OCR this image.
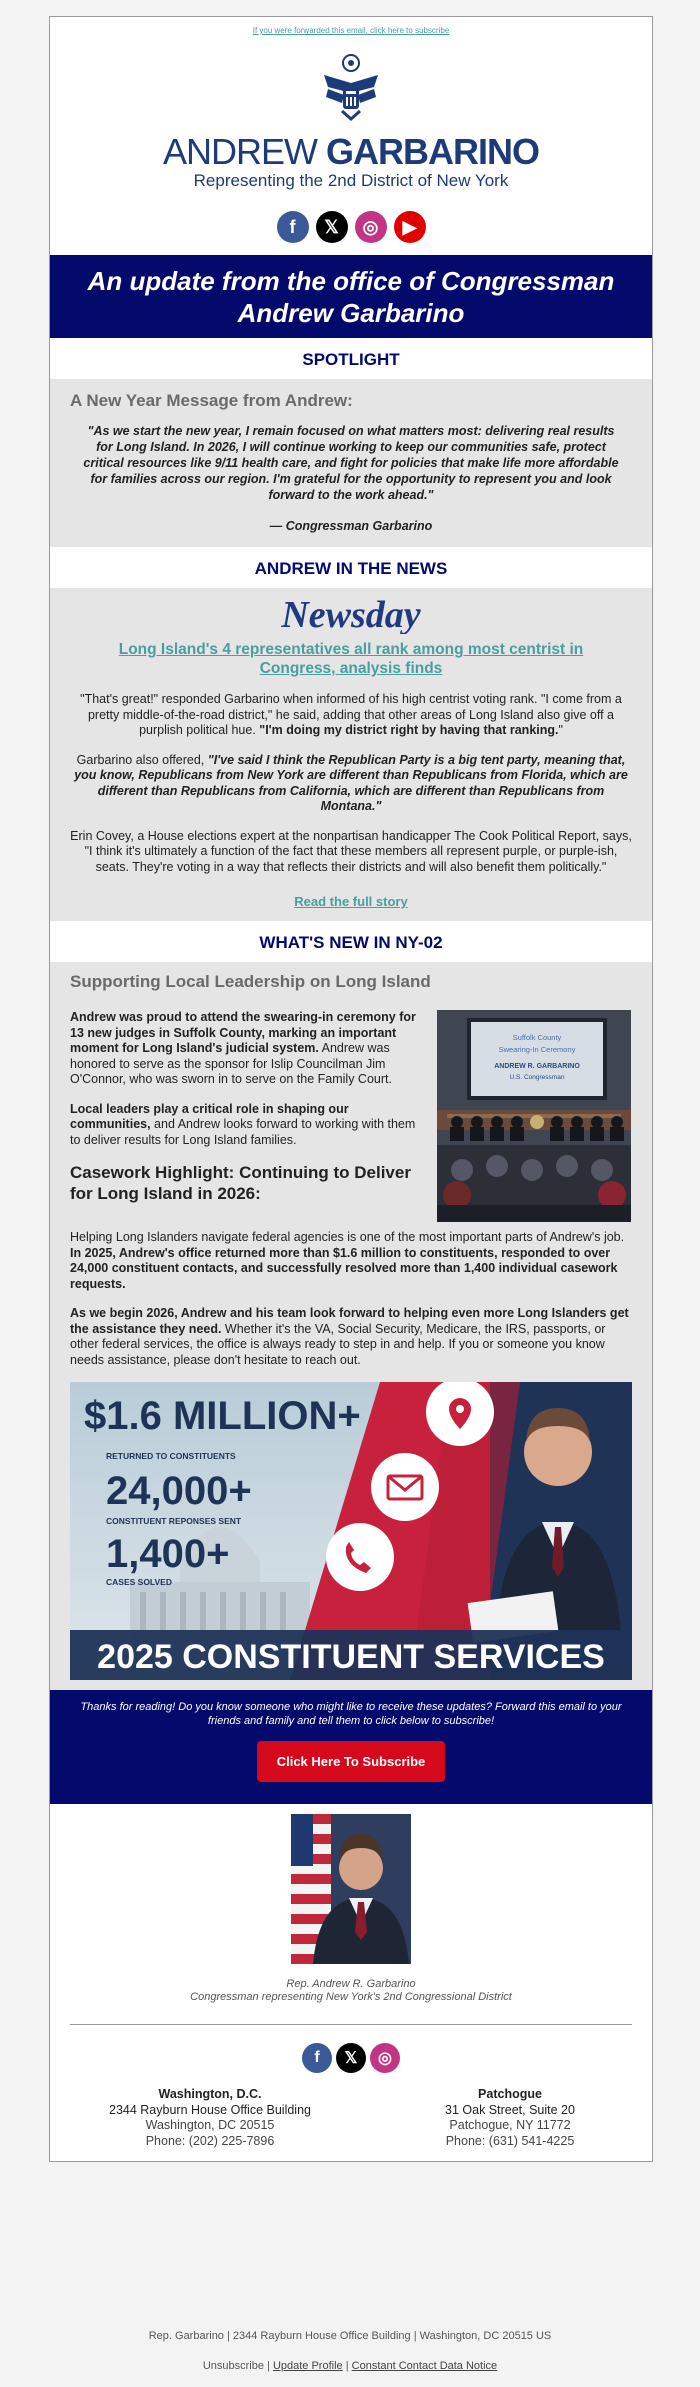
If you were forwarded this email, click here to subscribe
ANDREW GARBARINO
Representing the 2nd District of New York
f	𝕏	◎	▶
An update from the office of Congressman Andrew Garbarino
SPOTLIGHT
A New Year Message from Andrew:
"As we start the new year, I remain focused on what matters most: delivering real results for Long Island. In 2026, I will continue working to keep our communities safe, protect critical resources like 9/11 health care, and fight for policies that make life more affordable for families across our region. I'm grateful for the opportunity to represent you and look forward to the work ahead."
— Congressman Garbarino
ANDREW IN THE NEWS
Newsday
Long Island's 4 representatives all rank among most centrist in Congress, analysis finds

"That's great!" responded Garbarino when informed of his high centrist voting rank. "I come from a pretty middle-of-the-road district," he said, adding that other areas of Long Island also give off a purplish political hue. "I'm doing my district right by having that ranking."

Garbarino also offered, "I've said I think the Republican Party is a big tent party, meaning that, you know, Republicans from New York are different than Republicans from Florida, which are different than Republicans from California, which are different than Republicans from Montana."

Erin Covey, a House elections expert at the nonpartisan handicapper The Cook Political Report, says, "I think it's ultimately a function of the fact that these members all represent purple, or purple-ish, seats. They're voting in a way that reflects their districts and will also benefit them politically."

Read the full story
WHAT'S NEW IN NY-02
Supporting Local Leadership on Long Island

Andrew was proud to attend the swearing-in ceremony for 13 new judges in Suffolk County, marking an important moment for Long Island's judicial system. Andrew was honored to serve as the sponsor for Islip Councilman Jim O'Connor, who was sworn in to serve on the Family Court.

Local leaders play a critical role in shaping our communities, and Andrew looks forward to working with them to deliver results for Long Island families.

Casework Highlight: Continuing to Deliver for Long Island in 2026:
Suffolk County
Swearing-In Ceremony
ANDREW R. GARBARINO
U.S. Congressman

Helping Long Islanders navigate federal agencies is one of the most important parts of Andrew's job. In 2025, Andrew's office returned more than $1.6 million to constituents, responded to over 24,000 constituent contacts, and successfully resolved more than 1,400 individual casework requests.

As we begin 2026, Andrew and his team look forward to helping even more Long Islanders get the assistance they need. Whether it's the VA, Social Security, Medicare, the IRS, passports, or other federal services, the office is always ready to step in and help. If you or someone you know needs assistance, please don't hesitate to reach out.

$1.6 MILLION+
RETURNED TO CONSTITUENTS
24,000+
CONSTITUENT REPONSES SENT
1,400+
CASES SOLVED
2025 CONSTITUENT SERVICES

Thanks for reading! Do you know someone who might like to receive these updates? Forward this email to your friends and family and tell them to click below to subscribe!

Click Here To Subscribe
Rep. Andrew R. Garbarino
Congressman representing New York's 2nd Congressional District
f	𝕏	◎
Washington, D.C.
2344 Rayburn House Office Building
Washington, DC 20515
Phone: (202) 225-7896
Patchogue
31 Oak Street, Suite 20
Patchogue, NY 11772
Phone: (631) 541-4225
Rep. Garbarino | 2344 Rayburn House Office Building | Washington, DC 20515 US
Unsubscribe | Update Profile | Constant Contact Data Notice
